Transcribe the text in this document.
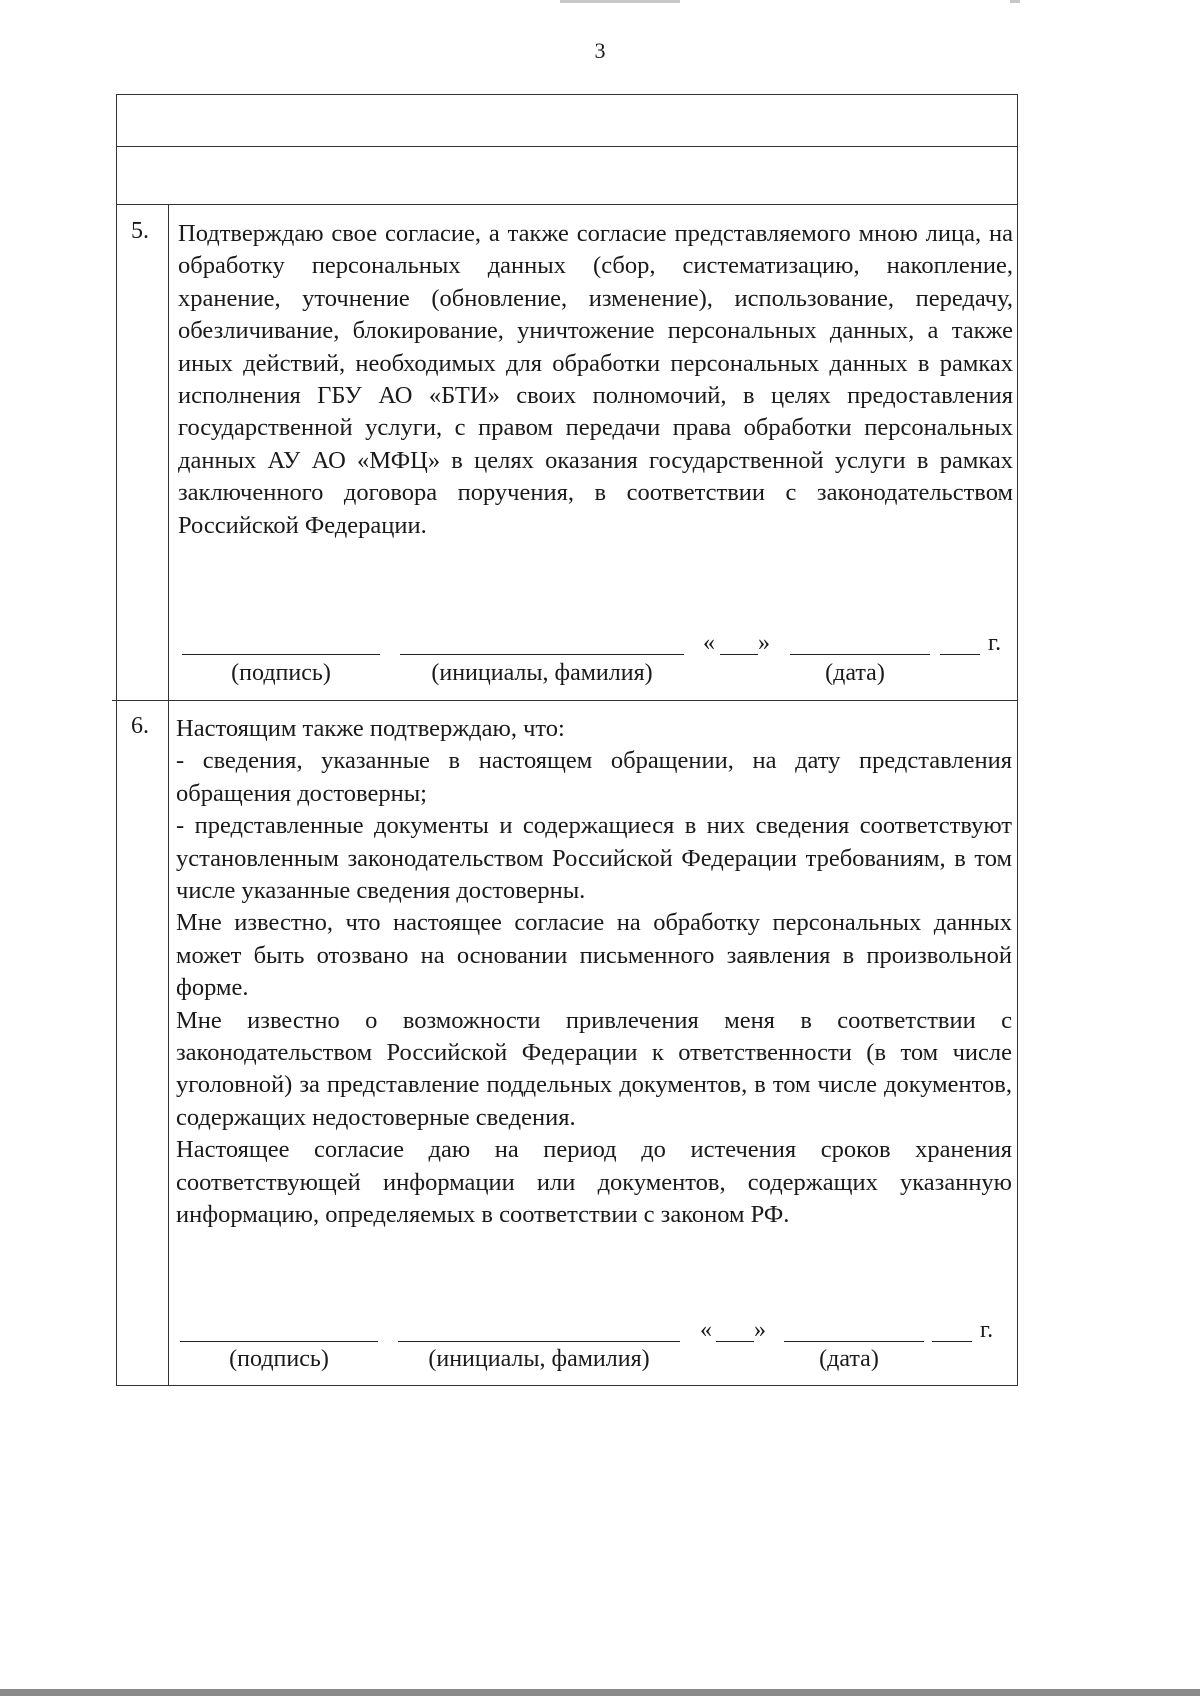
3
5. Подтверждаю свое согласие, а также согласие представляемого мною лица, на обработку персональных данных (сбор, систематизацию, накопление, хранение, уточнение (обновление, изменение), использование, передачу, обезличивание, блокирование, уничтожение персональных данных, а также иных действий, необходимых для обработки персональных данных в рамках исполнения ГБУ АО «БТИ» своих полномочий, в целях предоставления государственной услуги, с правом передачи права обработки персональных данных АУ АО «МФЦ» в целях оказания государственной услуги в рамках заключенного договора поручения, в соответствии с законодательством Российской Федерации.

« »	г.
(подпись)	(инициалы, фамилия)	(дата)
6. Настоящим также подтверждаю, что:

- сведения, указанные в настоящем обращении, на дату представления обращения достоверны;

- представленные документы и содержащиеся в них сведения соответствуют установленным законодательством Российской Федерации требованиям, в том числе указанные сведения достоверны.

Мне известно, что настоящее согласие на обработку персональных данных может быть отозвано на основании письменного заявления в произвольной форме.

Мне известно о возможности привлечения меня в соответствии с законодательством Российской Федерации к ответственности (в том числе уголовной) за представление поддельных документов, в том числе документов, содержащих недостоверные сведения.

Настоящее согласие даю на период до истечения сроков хранения соответствующей информации или документов, содержащих указанную информацию, определяемых в соответствии с законом РФ.

« »	г.
(подпись)	(инициалы, фамилия)	(дата)
